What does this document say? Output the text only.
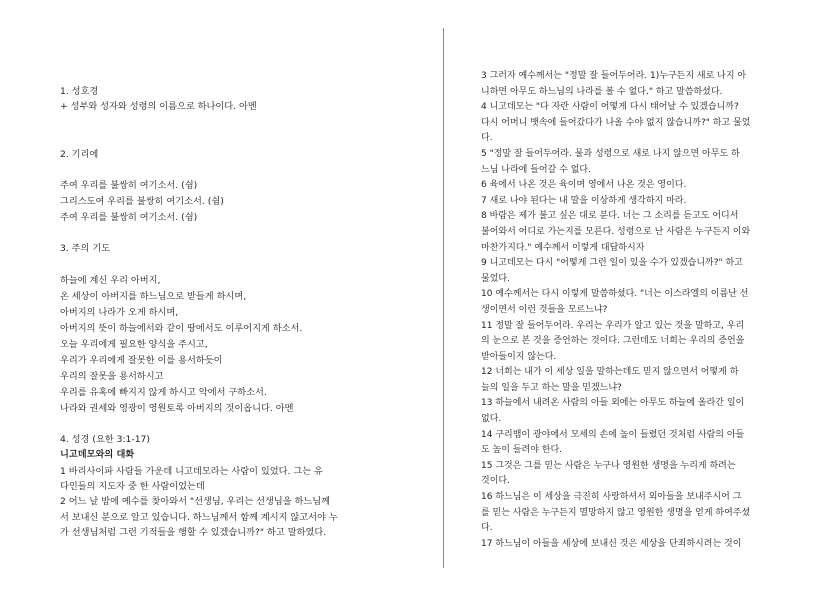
1. 성호경
+ 성부와 성자와 성령의 이름으로 하나이다. 아멘
2. 기리에
주여 우리를 불쌍히 여기소서. (쉼)
그리스도여 우리를 불쌍히 여기소서. (쉼)
주여 우리를 불쌍히 여기소서. (쉼)
3. 주의 기도
하늘에 계신 우리 아버지,
온 세상이 아버지를 하느님으로 받들게 하시며,
아버지의 나라가 오게 하시며,
아버지의 뜻이 하늘에서와 같이 땅에서도 이루어지게 하소서.
오늘 우리에게 필요한 양식을 주시고,
우리가 우리에게 잘못한 이를 용서하듯이
우리의 잘못을 용서하시고
우리를 유혹에 빠지지 않게 하시고 악에서 구하소서.
나라와 권세와 영광이 영원토록 아버지의 것이옵니다. 아멘
4. 성경 (요한 3:1-17)
니고데모와의 대화
1 바리사이파 사람들 가운데 니고데모라는 사람이 있었다. 그는 유
다인들의 지도자 중 한 사람이었는데
2 어느 날 밤에 예수를 찾아와서 "선생님, 우리는 선생님을 하느님께
서 보내신 분으로 알고 있습니다. 하느님께서 함께 계시지 않고서야 누
가 선생님처럼 그런 기적들을 행할 수 있겠습니까?" 하고 말하였다.
3 그러자 예수께서는 "정말 잘 들어두어라. 1)누구든지 새로 나지 아
니하면 아무도 하느님의 나라를 볼 수 없다." 하고 말씀하셨다.
4 니고데모는 "다 자란 사람이 어떻게 다시 태어날 수 있겠습니까?
다시 어머니 뱃속에 들어갔다가 나올 수야 없지 않습니까?" 하고 물었
다.
5 "정말 잘 들어두어라. 물과 성령으로 새로 나지 않으면 아무도 하
느님 나라에 들어갈 수 없다.
6 육에서 나온 것은 육이며 영에서 나온 것은 영이다.
7 새로 나야 된다는 내 말을 이상하게 생각하지 마라.
8 바람은 제가 불고 싶은 대로 분다. 너는 그 소리를 듣고도 어디서
불어와서 어디로 가는지를 모른다. 성령으로 난 사람은 누구든지 이와
마찬가지다." 예수께서 이렇게 대답하시자
9 니고데모는 다시 "어떻게 그런 일이 있을 수가 있겠습니까?" 하고
물었다.
10 예수께서는 다시 이렇게 말씀하셨다. "너는 이스라엘의 이름난 선
생이면서 이런 것들을 모르느냐?
11 정말 잘 들어두어라. 우리는 우리가 알고 있는 것을 말하고, 우리
의 눈으로 본 것을 증언하는 것이다. 그런데도 너희는 우리의 증언을
받아들이지 않는다.
12 너희는 내가 이 세상 일을 말하는데도 믿지 않으면서 어떻게 하
늘의 일을 두고 하는 말을 믿겠느냐?
13 하늘에서 내려온 사람의 아들 외에는 아무도 하늘에 올라간 일이
없다.
14 구리뱀이 광야에서 모세의 손에 높이 들렸던 것처럼 사람의 아들
도 높이 들려야 한다.
15 그것은 그를 믿는 사람은 누구나 영원한 생명을 누리게 하려는
것이다.
16 하느님은 이 세상을 극진히 사랑하셔서 외아들을 보내주시어 그
를 믿는 사람은 누구든지 멸망하지 않고 영원한 생명을 얻게 하여주셨
다.
17 하느님이 아들을 세상에 보내신 것은 세상을 단죄하시려는 것이
